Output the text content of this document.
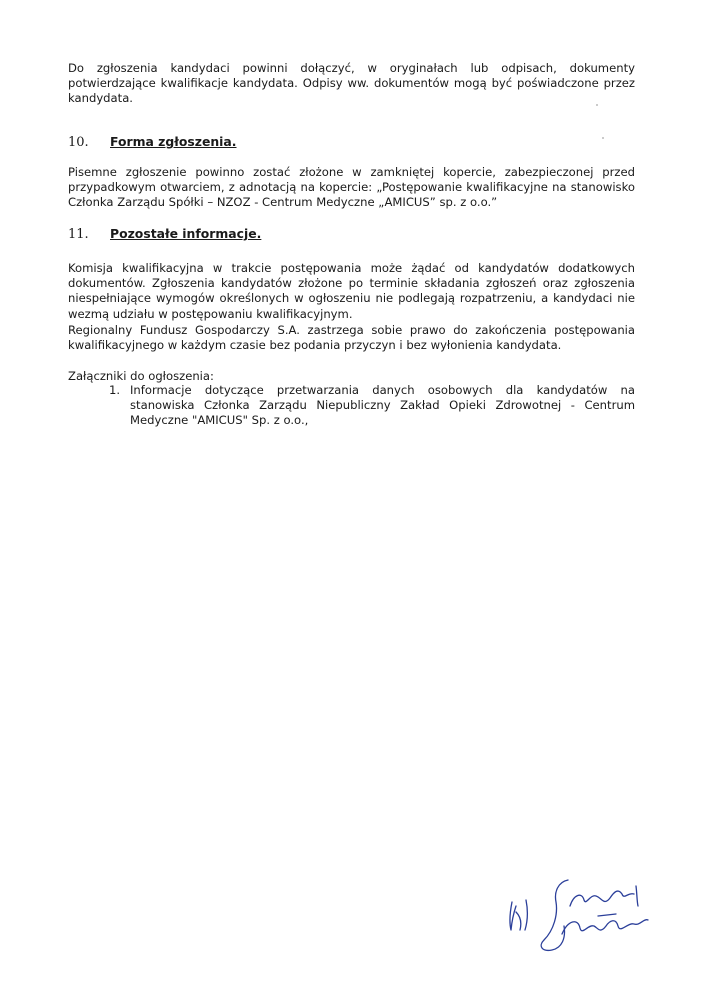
Do zgłoszenia kandydaci powinni dołączyć, w oryginałach lub odpisach, dokumenty potwierdzające kwalifikacje kandydata. Odpisy ww. dokumentów mogą być poświadczone przez kandydata.

10. Forma zgłoszenia.

Pisemne zgłoszenie powinno zostać złożone w zamkniętej kopercie, zabezpieczonej przed przypadkowym otwarciem, z adnotacją na kopercie: „Postępowanie kwalifikacyjne na stanowisko Członka Zarządu Spółki – NZOZ - Centrum Medyczne „AMICUS” sp. z o.o.”

11. Pozostałe informacje.

Komisja kwalifikacyjna w trakcie postępowania może żądać od kandydatów dodatkowych dokumentów. Zgłoszenia kandydatów złożone po terminie składania zgłoszeń oraz zgłoszenia niespełniające wymogów określonych w ogłoszeniu nie podlegają rozpatrzeniu, a kandydaci nie wezmą udziału w postępowaniu kwalifikacyjnym.

Regionalny Fundusz Gospodarczy S.A. zastrzega sobie prawo do zakończenia postępowania kwalifikacyjnego w każdym czasie bez podania przyczyn i bez wyłonienia kandydata.

Załączniki do ogłoszenia:

1. Informacje dotyczące przetwarzania danych osobowych dla kandydatów na stanowiska Członka Zarządu Niepubliczny Zakład Opieki Zdrowotnej - Centrum Medyczne "AMICUS" Sp. z o.o.,
